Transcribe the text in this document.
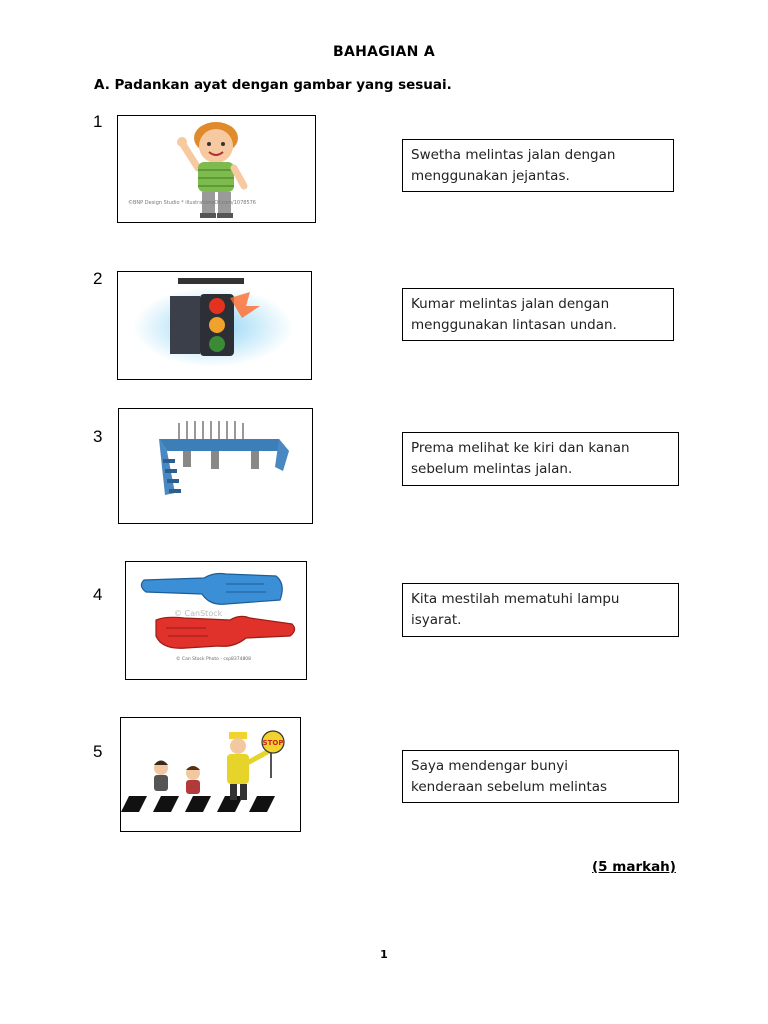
BAHAGIAN A
A. Padankan ayat dengan gambar yang sesuai.
1
©BNP Design Studio * illustrationsOf.com/1078576
Swetha melintas jalan dengan
menggunakan jejantas.
2
Kumar melintas jalan dengan
menggunakan lintasan undan.
3
Prema melihat ke kiri dan kanan
sebelum melintas jalan.
4
© CanStock
© Can Stock Photo - csp8374808
Kita mestilah mematuhi lampu
isyarat.
5	STOP
Saya mendengar bunyi
kenderaan sebelum melintas
(5 markah)
1
